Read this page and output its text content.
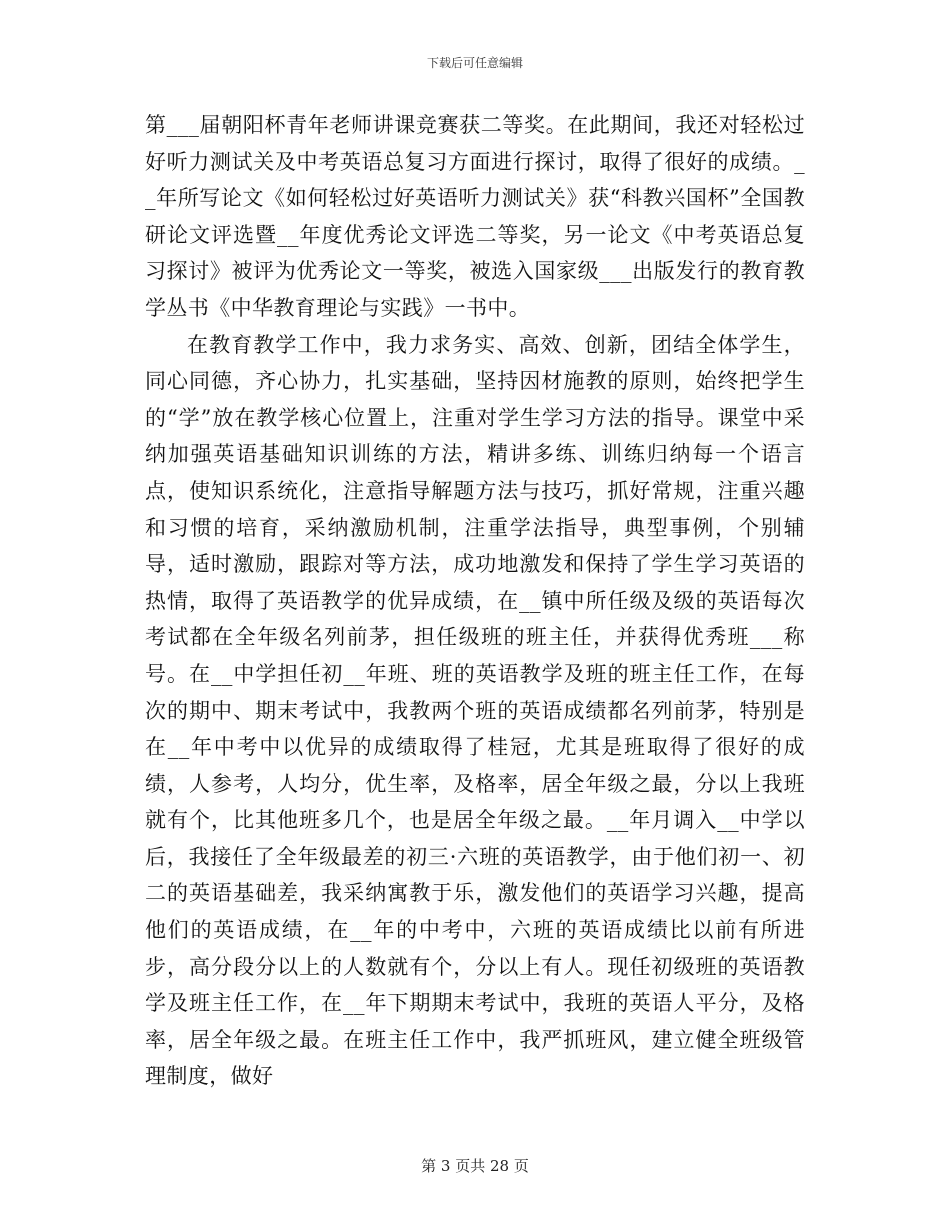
下载后可任意编辑

第___届朝阳杯青年老师讲课竞赛获二等奖。在此期间，我还对轻松过好听力测试关及中考英语总复习方面进行探讨，取得了很好的成绩。__年所写论文《如何轻松过好英语听力测试关》获“科教兴国杯”全国教研论文评选暨__年度优秀论文评选二等奖，另一论文《中考英语总复习探讨》被评为优秀论文一等奖，被选入国家级___出版发行的教育教学丛书《中华教育理论与实践》一书中。

在教育教学工作中，我力求务实、高效、创新，团结全体学生，同心同德，齐心协力，扎实基础，坚持因材施教的原则，始终把学生的“学”放在教学核心位置上，注重对学生学习方法的指导。课堂中采纳加强英语基础知识训练的方法，精讲多练、训练归纳每一个语言点，使知识系统化，注意指导解题方法与技巧，抓好常规，注重兴趣和习惯的培育，采纳激励机制，注重学法指导，典型事例，个别辅导，适时激励，跟踪对等方法，成功地激发和保持了学生学习英语的热情，取得了英语教学的优异成绩，在__镇中所任级及级的英语每次考试都在全年级名列前茅，担任级班的班主任，并获得优秀班___称号。在__中学担任初__年班、班的英语教学及班的班主任工作，在每次的期中、期末考试中，我教两个班的英语成绩都名列前茅，特别是在__年中考中以优异的成绩取得了桂冠，尤其是班取得了很好的成绩，人参考，人均分，优生率，及格率，居全年级之最，分以上我班就有个，比其他班多几个，也是居全年级之最。__年月调入__中学以后，我接任了全年级最差的初三·六班的英语教学，由于他们初一、初二的英语基础差，我采纳寓教于乐，激发他们的英语学习兴趣，提高他们的英语成绩，在__年的中考中，六班的英语成绩比以前有所进步，高分段分以上的人数就有个，分以上有人。现任初级班的英语教学及班主任工作，在__年下期期末考试中，我班的英语人平分，及格率，居全年级之最。在班主任工作中，我严抓班风，建立健全班级管理制度，做好

第 3 页共 28 页
